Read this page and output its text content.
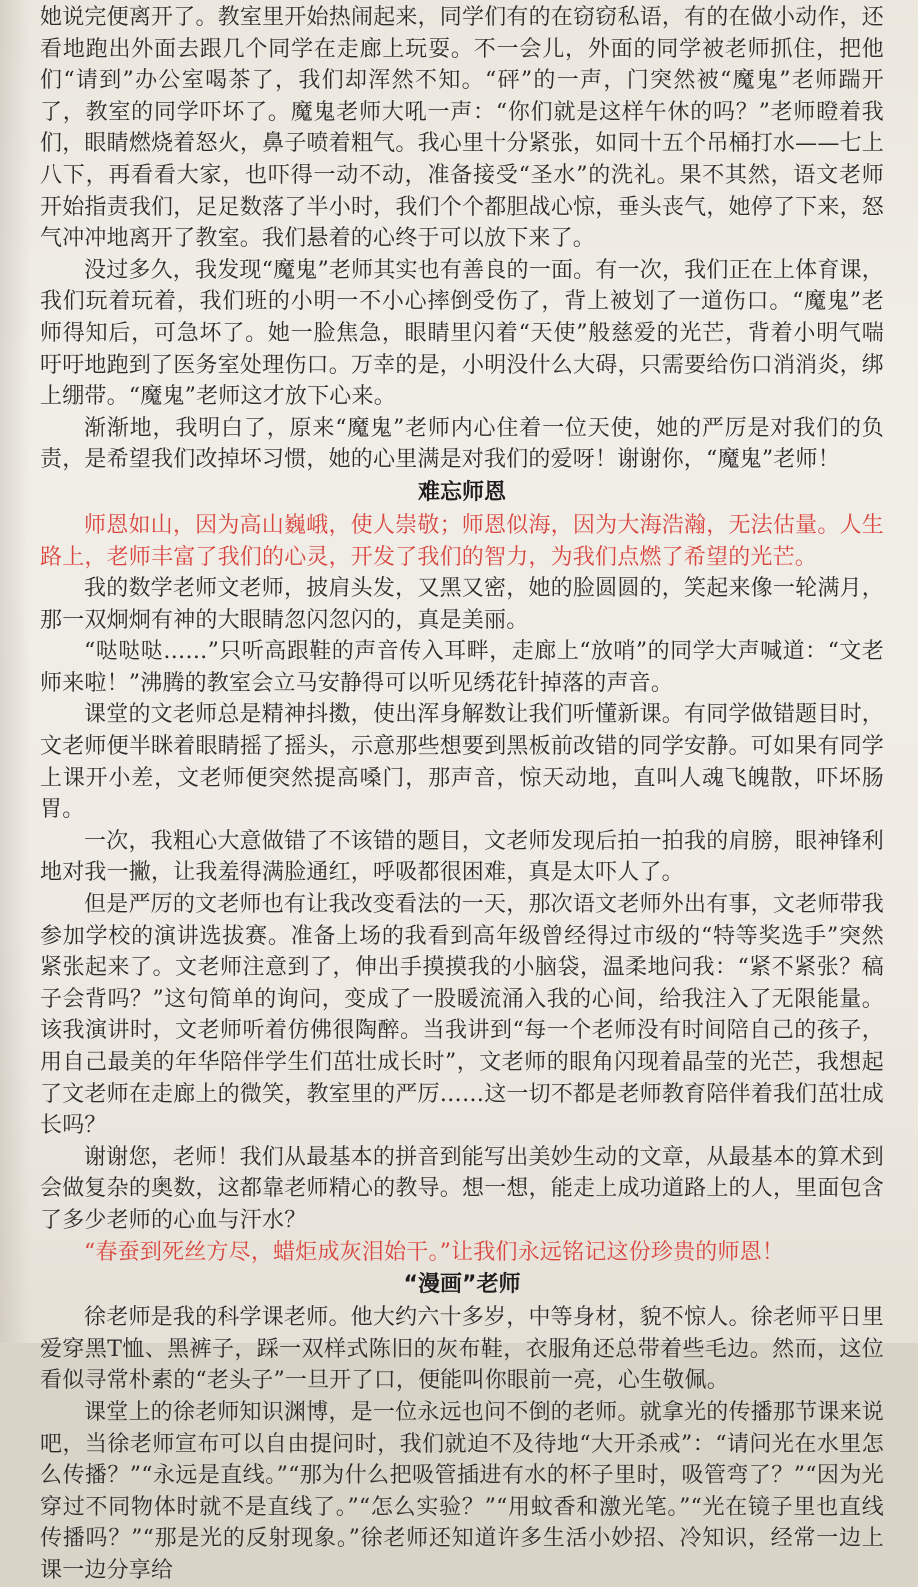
她说完便离开了。教室里开始热闹起来，同学们有的在窃窃私语，有的在做小动作，还看地跑出外面去跟几个同学在走廊上玩耍。不一会儿，外面的同学被老师抓住，把他们“请到”办公室喝茶了，我们却浑然不知。“砰”的一声，门突然被“魔鬼”老师踹开了，教室的同学吓坏了。魔鬼老师大吼一声：“你们就是这样午休的吗？”老师瞪着我们，眼睛燃烧着怒火，鼻子喷着粗气。我心里十分紧张，如同十五个吊桶打水——七上八下，再看看大家，也吓得一动不动，准备接受“圣水”的洗礼。果不其然，语文老师开始指责我们，足足数落了半小时，我们个个都胆战心惊，垂头丧气，她停了下来，怒气冲冲地离开了教室。我们悬着的心终于可以放下来了。

没过多久，我发现“魔鬼”老师其实也有善良的一面。有一次，我们正在上体育课，我们玩着玩着，我们班的小明一不小心摔倒受伤了，背上被划了一道伤口。“魔鬼”老师得知后，可急坏了。她一脸焦急，眼睛里闪着“天使”般慈爱的光芒，背着小明气喘吁吁地跑到了医务室处理伤口。万幸的是，小明没什么大碍，只需要给伤口消消炎，绑上绷带。“魔鬼”老师这才放下心来。

渐渐地，我明白了，原来“魔鬼”老师内心住着一位天使，她的严厉是对我们的负责，是希望我们改掉坏习惯，她的心里满是对我们的爱呀！谢谢你，“魔鬼”老师！

难忘师恩

师恩如山，因为高山巍峨，使人崇敬；师恩似海，因为大海浩瀚，无法估量。人生路上，老师丰富了我们的心灵，开发了我们的智力，为我们点燃了希望的光芒。

我的数学老师文老师，披肩头发，又黑又密，她的脸圆圆的，笑起来像一轮满月，那一双炯炯有神的大眼睛忽闪忽闪的，真是美丽。

“哒哒哒……”只听高跟鞋的声音传入耳畔，走廊上“放哨”的同学大声喊道：“文老师来啦！”沸腾的教室会立马安静得可以听见绣花针掉落的声音。

课堂的文老师总是精神抖擞，使出浑身解数让我们听懂新课。有同学做错题目时，文老师便半眯着眼睛摇了摇头，示意那些想要到黑板前改错的同学安静。可如果有同学上课开小差，文老师便突然提高嗓门，那声音，惊天动地，直叫人魂飞魄散，吓坏肠胃。

一次，我粗心大意做错了不该错的题目，文老师发现后拍一拍我的肩膀，眼神锋利地对我一撇，让我羞得满脸通红，呼吸都很困难，真是太吓人了。

但是严厉的文老师也有让我改变看法的一天，那次语文老师外出有事，文老师带我参加学校的演讲选拔赛。准备上场的我看到高年级曾经得过市级的“特等奖选手”突然紧张起来了。文老师注意到了，伸出手摸摸我的小脑袋，温柔地问我：“紧不紧张？稿子会背吗？”这句简单的询问，变成了一股暖流涌入我的心间，给我注入了无限能量。该我演讲时，文老师听着仿佛很陶醉。当我讲到“每一个老师没有时间陪自己的孩子，用自己最美的年华陪伴学生们茁壮成长时”，文老师的眼角闪现着晶莹的光芒，我想起了文老师在走廊上的微笑，教室里的严厉……这一切不都是老师教育陪伴着我们茁壮成长吗？

谢谢您，老师！我们从最基本的拼音到能写出美妙生动的文章，从最基本的算术到会做复杂的奥数，这都靠老师精心的教导。想一想，能走上成功道路上的人，里面包含了多少老师的心血与汗水？

“春蚕到死丝方尽，蜡炬成灰泪始干。”让我们永远铭记这份珍贵的师恩！

“漫画”老师

徐老师是我的科学课老师。他大约六十多岁，中等身材，貌不惊人。徐老师平日里爱穿黑T恤、黑裤子，踩一双样式陈旧的灰布鞋，衣服角还总带着些毛边。然而，这位看似寻常朴素的“老头子”一旦开了口，便能叫你眼前一亮，心生敬佩。

课堂上的徐老师知识渊博，是一位永远也问不倒的老师。就拿光的传播那节课来说吧，当徐老师宣布可以自由提问时，我们就迫不及待地“大开杀戒”：“请问光在水里怎么传播？”“永远是直线。”“那为什么把吸管插进有水的杯子里时，吸管弯了？”“因为光穿过不同物体时就不是直线了。”“怎么实验？”“用蚊香和激光笔。”“光在镜子里也直线传播吗？”“那是光的反射现象。”徐老师还知道许多生活小妙招、冷知识，经常一边上课一边分享给
